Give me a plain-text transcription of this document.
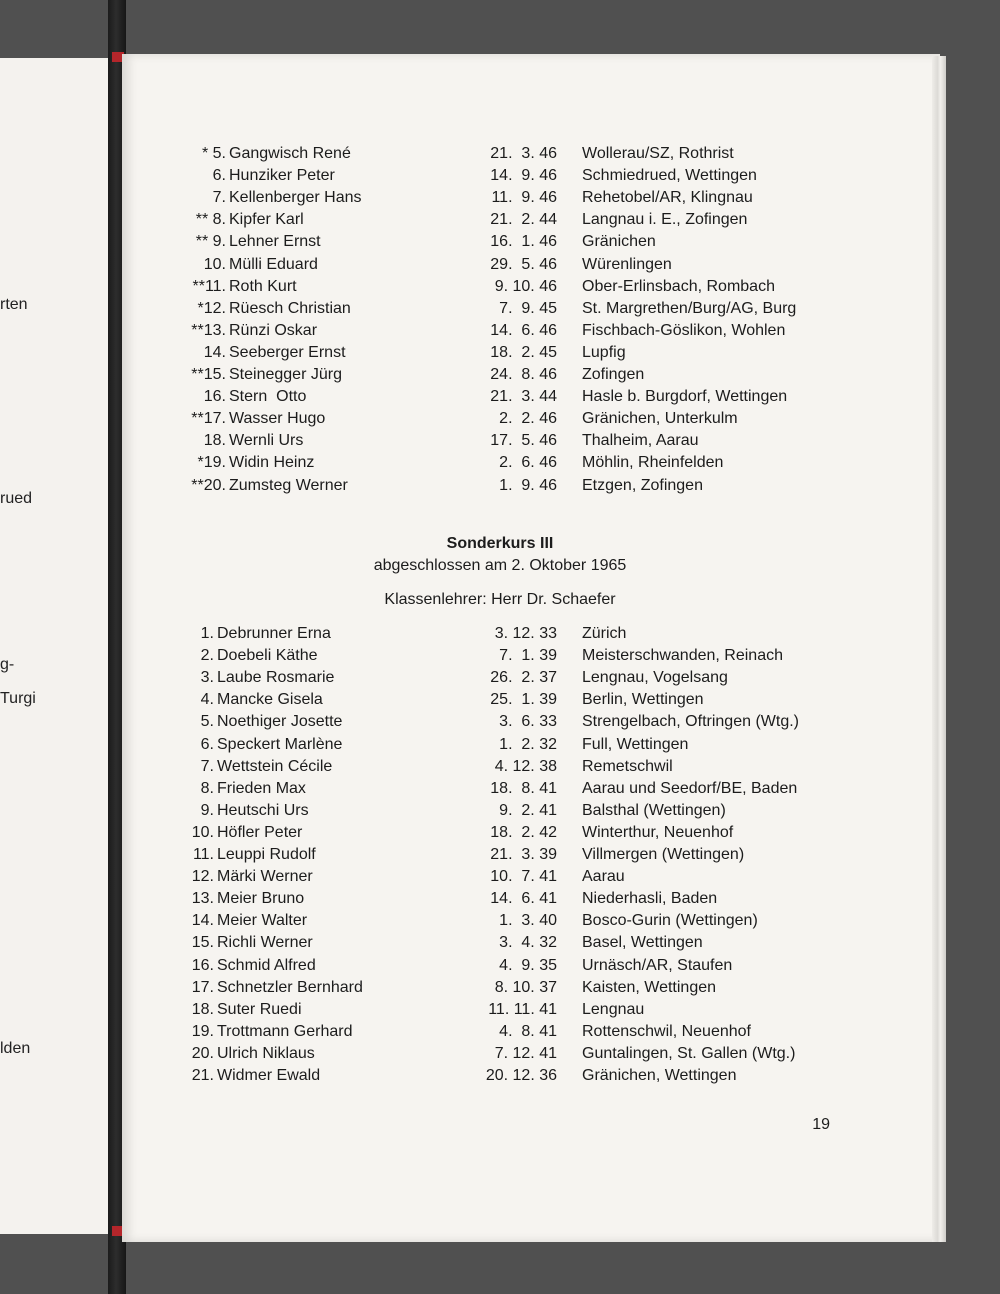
rten
rued
g-
Turgi
lden
* 5. Gangwisch René	21.  3. 46 Wollerau/SZ, Rothrist
6. Hunziker Peter	14.  9. 46 Schmiedrued, Wettingen
7. Kellenberger Hans	11.  9. 46 Rehetobel/AR, Klingnau
** 8. Kipfer Karl	21.  2. 44 Langnau i. E., Zofingen
** 9. Lehner Ernst	16.  1. 46 Gränichen
10. Mülli Eduard	29.  5. 46 Würenlingen
**11. Roth Kurt	9. 10. 46 Ober-Erlinsbach, Rombach
*12. Rüesch Christian	7.  9. 45 St. Margrethen/Burg/AG, Burg
**13. Rünzi Oskar	14.  6. 46 Fischbach-Göslikon, Wohlen
14. Seeberger Ernst	18.  2. 45 Lupfig
**15. Steinegger Jürg	24.  8. 46 Zofingen
16. Stern  Otto	21.  3. 44 Hasle b. Burgdorf, Wettingen
**17. Wasser Hugo	2.  2. 46 Gränichen, Unterkulm
18. Wernli Urs	17.  5. 46 Thalheim, Aarau
*19. Widin Heinz	2.  6. 46 Möhlin, Rheinfelden
**20. Zumsteg Werner	1.  9. 46 Etzgen, Zofingen
Sonderkurs III
abgeschlossen am 2. Oktober 1965
Klassenlehrer: Herr Dr. Schaefer
1. Debrunner Erna	3. 12. 33 Zürich
2. Doebeli Käthe	7.  1. 39 Meisterschwanden, Reinach
3. Laube Rosmarie	26.  2. 37 Lengnau, Vogelsang
4. Mancke Gisela	25.  1. 39 Berlin, Wettingen
5. Noethiger Josette	3.  6. 33 Strengelbach, Oftringen (Wtg.)
6. Speckert Marlène	1.  2. 32 Full, Wettingen
7. Wettstein Cécile	4. 12. 38 Remetschwil
8. Frieden Max	18.  8. 41 Aarau und Seedorf/BE, Baden
9. Heutschi Urs	9.  2. 41 Balsthal (Wettingen)
10. Höfler Peter	18.  2. 42 Winterthur, Neuenhof
11. Leuppi Rudolf	21.  3. 39 Villmergen (Wettingen)
12. Märki Werner	10.  7. 41 Aarau
13. Meier Bruno	14.  6. 41 Niederhasli, Baden
14. Meier Walter	1.  3. 40 Bosco-Gurin (Wettingen)
15. Richli Werner	3.  4. 32 Basel, Wettingen
16. Schmid Alfred	4.  9. 35 Urnäsch/AR, Staufen
17. Schnetzler Bernhard	8. 10. 37 Kaisten, Wettingen
18. Suter Ruedi	11. 11. 41 Lengnau
19. Trottmann Gerhard	4.  8. 41 Rottenschwil, Neuenhof
20. Ulrich Niklaus	7. 12. 41 Guntalingen, St. Gallen (Wtg.)
21. Widmer Ewald	20. 12. 36 Gränichen, Wettingen
19
